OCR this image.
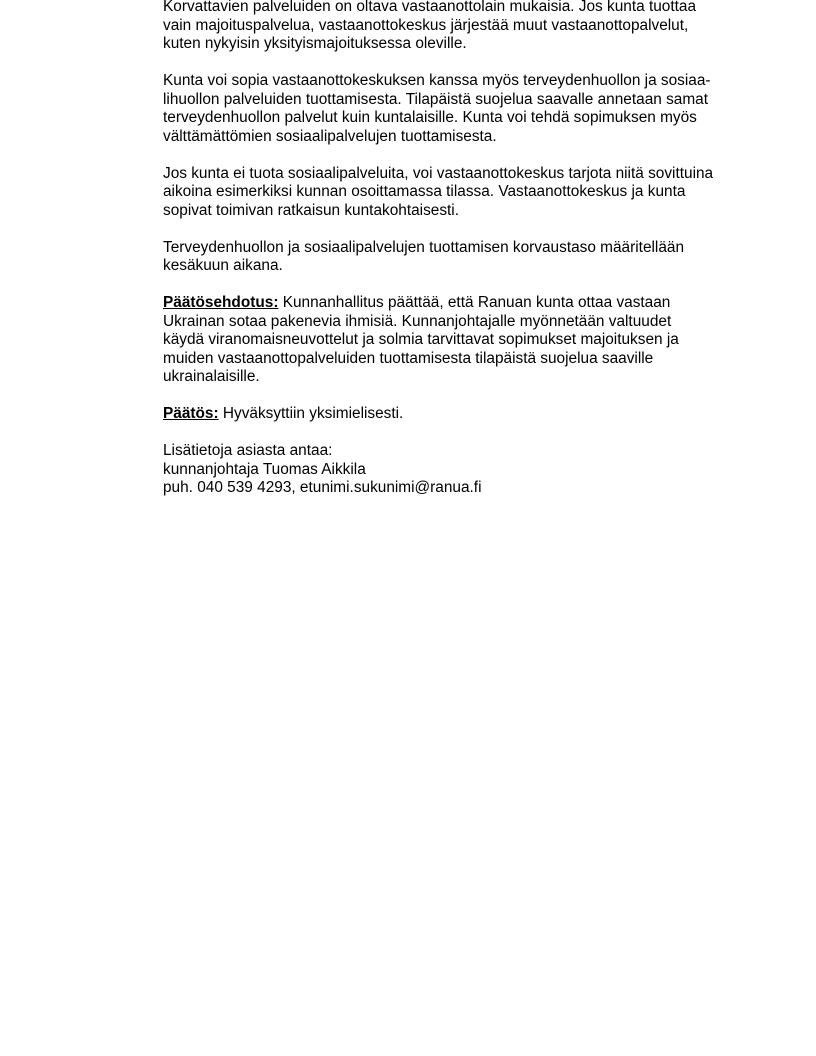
Korvattavien palveluiden on oltava vastaanottolain mukaisia. Jos kunta tuottaa
vain majoituspalvelua, vastaanottokeskus järjestää muut vastaanottopalvelut,
kuten nykyisin yksityismajoituksessa oleville.

Kunta voi sopia vastaanottokeskuksen kanssa myös terveydenhuollon ja sosiaa-
lihuollon palveluiden tuottamisesta. Tilapäistä suojelua saavalle annetaan samat
terveydenhuollon palvelut kuin kuntalaisille. Kunta voi tehdä sopimuksen myös
välttämättömien sosiaalipalvelujen tuottamisesta.

Jos kunta ei tuota sosiaalipalveluita, voi vastaanottokeskus tarjota niitä sovittuina
aikoina esimerkiksi kunnan osoittamassa tilassa. Vastaanottokeskus ja kunta
sopivat toimivan ratkaisun kuntakohtaisesti.

Terveydenhuollon ja sosiaalipalvelujen tuottamisen korvaustaso määritellään
kesäkuun aikana.

Päätösehdotus: Kunnanhallitus päättää, että Ranuan kunta ottaa vastaan
Ukrainan sotaa pakenevia ihmisiä. Kunnanjohtajalle myönnetään valtuudet
käydä viranomaisneuvottelut ja solmia tarvittavat sopimukset majoituksen ja
muiden vastaanottopalveluiden tuottamisesta tilapäistä suojelua saaville
ukrainalaisille.

Päätös: Hyväksyttiin yksimielisesti.

Lisätietoja asiasta antaa:
kunnanjohtaja Tuomas Aikkila
puh. 040 539 4293, etunimi.sukunimi@ranua.fi
